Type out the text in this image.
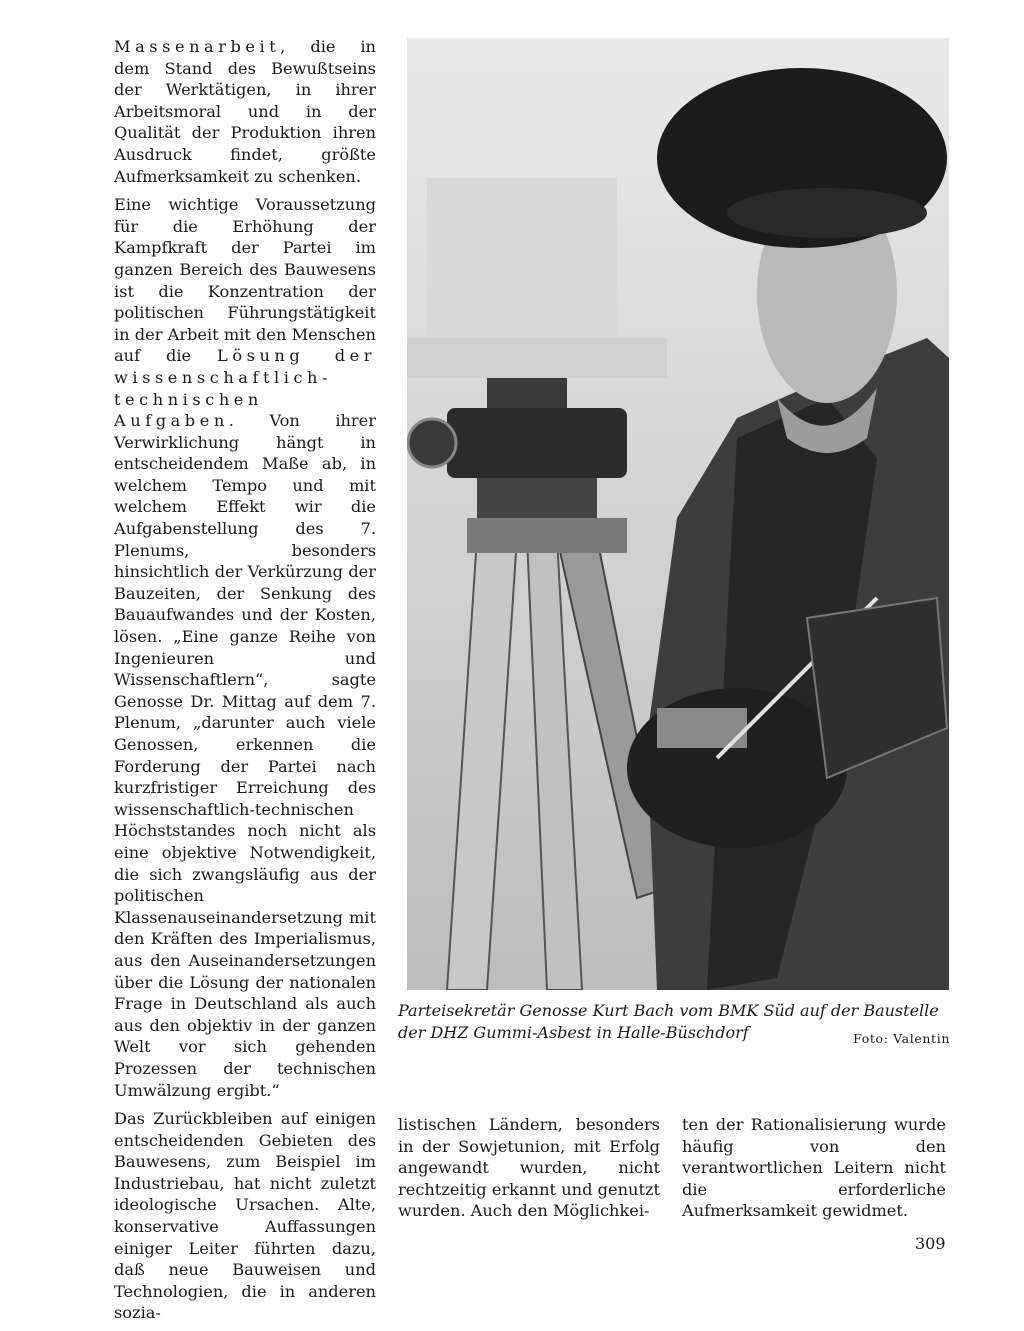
Massenarbeit, die in dem Stand des Bewußtseins der Werktätigen, in ihrer Arbeitsmoral und in der Qualität der Produktion ihren Ausdruck findet, größte Aufmerksamkeit zu schenken.

Eine wichtige Voraussetzung für die Erhöhung der Kampfkraft der Partei im ganzen Bereich des Bauwesens ist die Konzentration der politischen Führungstätigkeit in der Arbeit mit den Menschen auf die Lösung der wissenschaftlich-technischen Aufgaben. Von ihrer Verwirklichung hängt in entscheidendem Maße ab, in welchem Tempo und mit welchem Effekt wir die Aufgabenstellung des 7. Plenums, besonders hinsichtlich der Verkürzung der Bauzeiten, der Senkung des Bauaufwandes und der Kosten, lösen. „Eine ganze Reihe von Ingenieuren und Wissenschaftlern“, sagte Genosse Dr. Mittag auf dem 7. Plenum, „darunter auch viele Genossen, erkennen die Forderung der Partei nach kurzfristiger Erreichung des wissenschaftlich-technischen Höchststandes noch nicht als eine objektive Notwendigkeit, die sich zwangsläufig aus der politischen Klassenauseinandersetzung mit den Kräften des Imperialismus, aus den Auseinandersetzungen über die Lösung der nationalen Frage in Deutschland als auch aus den objektiv in der ganzen Welt vor sich gehenden Prozessen der technischen Umwälzung ergibt.“

Das Zurückbleiben auf einigen entscheidenden Gebieten des Bauwesens, zum Beispiel im Industriebau, hat nicht zuletzt ideologische Ursachen. Alte, konservative Auffassungen einiger Leiter führten dazu, daß neue Bauweisen und Technologien, die in anderen sozia-

Parteisekretär Genosse Kurt Bach vom BMK Süd auf der Baustelle der DHZ Gummi-Asbest in Halle-Büschdorf	Foto: Valentin

listischen Ländern, besonders in der Sowjetunion, mit Erfolg angewandt wurden, nicht rechtzeitig erkannt und genutzt wurden. Auch den Möglichkei-

ten der Rationalisierung wurde häufig von den verantwortlichen Leitern nicht die erforderliche Aufmerksamkeit gewidmet.

309
